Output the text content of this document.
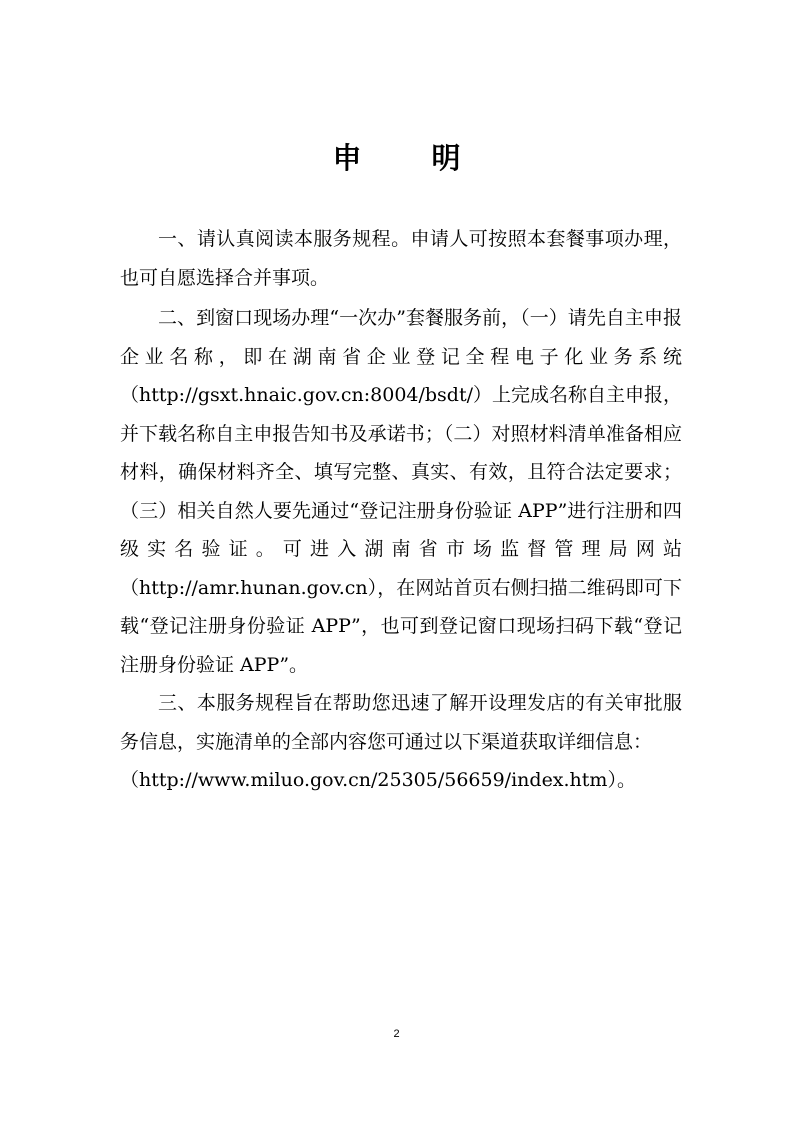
申 明

一、请认真阅读本服务规程。申请人可按照本套餐事项办理，也可自愿选择合并事项。

二、到窗口现场办理“一次办”套餐服务前，（一）请先自主申报企业名称，即在湖南省企业登记全程电子化业务系统（http://gsxt.hnaic.gov.cn:8004/bsdt/）上完成名称自主申报，并下载名称自主申报告知书及承诺书；（二）对照材料清单准备相应材料，确保材料齐全、填写完整、真实、有效，且符合法定要求；（三）相关自然人要先通过“登记注册身份验证 APP”进行注册和四级实名验证。可进入湖南省市场监督管理局网站（http://amr.hunan.gov.cn），在网站首页右侧扫描二维码即可下载“登记注册身份验证 APP”，也可到登记窗口现场扫码下载“登记注册身份验证 APP”。

三、本服务规程旨在帮助您迅速了解开设理发店的有关审批服务信息，实施清单的全部内容您可通过以下渠道获取详细信息：

（http://www.miluo.gov.cn/25305/56659/index.htm）。

2
